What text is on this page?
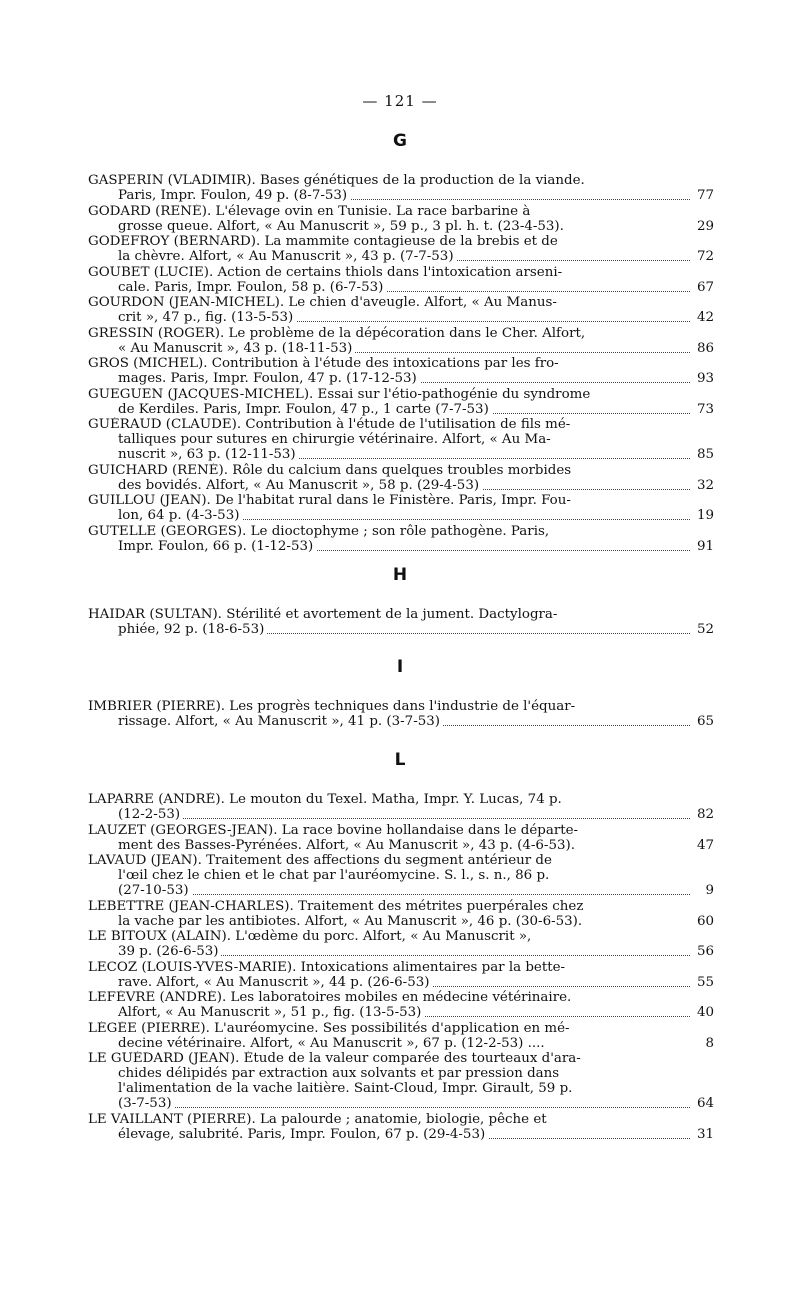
— 121 —
G
GASPERIN (VLADIMIR). Bases génétiques de la production de la viande.
Paris, Impr. Foulon, 49 p. (8-7-53)	77
GODARD (RENÉ). L'élevage ovin en Tunisie. La race barbarine à
grosse queue. Alfort, « Au Manuscrit », 59 p., 3 pl. h. t. (23-4-53).	29
GODEFROY (BERNARD). La mammite contagieuse de la brebis et de
la chèvre. Alfort, « Au Manuscrit », 43 p. (7-7-53)	72
GOUBET (LUCIE). Action de certains thiols dans l'intoxication arseni-
cale. Paris, Impr. Foulon, 58 p. (6-7-53)	67
GOURDON (JEAN-MICHEL). Le chien d'aveugle. Alfort, « Au Manus-
crit », 47 p., fig. (13-5-53)	42
GRESSIN (ROGER). Le problème de la dépécoration dans le Cher. Alfort,
« Au Manuscrit », 43 p. (18-11-53)	86
GROS (MICHEL). Contribution à l'étude des intoxications par les fro-
mages. Paris, Impr. Foulon, 47 p. (17-12-53)	93
GUEGUEN (JACQUES-MICHEL). Essai sur l'étio-pathogénie du syndrome
de Kerdiles. Paris, Impr. Foulon, 47 p., 1 carte (7-7-53)	73
GUÉRAUD (CLAUDE). Contribution à l'étude de l'utilisation de fils mé-
talliques pour sutures en chirurgie vétérinaire. Alfort, « Au Ma-
nuscrit », 63 p. (12-11-53)	85
GUICHARD (RENÉ). Rôle du calcium dans quelques troubles morbides
des bovidés. Alfort, « Au Manuscrit », 58 p. (29-4-53)	32
GUILLOU (JEAN). De l'habitat rural dans le Finistère. Paris, Impr. Fou-
lon, 64 p. (4-3-53)	19
GUTELLE (GEORGES). Le dioctophyme ; son rôle pathogène. Paris,
Impr. Foulon, 66 p. (1-12-53)	91
H
HAIDAR (SULTAN). Stérilité et avortement de la jument. Dactylogra-
phiée, 92 p. (18-6-53)	52
I
IMBRIER (PIERRE). Les progrès techniques dans l'industrie de l'équar-
rissage. Alfort, « Au Manuscrit », 41 p. (3-7-53)	65
L
LAPARRE (ANDRÉ). Le mouton du Texel. Matha, Impr. Y. Lucas, 74 p.
(12-2-53)	82
LAUZET (GEORGES-JEAN). La race bovine hollandaise dans le départe-
ment des Basses-Pyrénées. Alfort, « Au Manuscrit », 43 p. (4-6-53).	47
LAVAUD (JEAN). Traitement des affections du segment antérieur de
l'œil chez le chien et le chat par l'auréomycine. S. l., s. n., 86 p.
(27-10-53)	9
LEBETTRE (JEAN-CHARLES). Traitement des métrites puerpérales chez
la vache par les antibiotes. Alfort, « Au Manuscrit », 46 p. (30-6-53).	60
LE BITOUX (ALAIN). L'œdème du porc. Alfort, « Au Manuscrit »,
39 p. (26-6-53)	56
LECOZ (LOUIS-YVES-MARIE). Intoxications alimentaires par la bette-
rave. Alfort, « Au Manuscrit », 44 p. (26-6-53)	55
LEFÈVRE (ANDRÉ). Les laboratoires mobiles en médecine vétérinaire.
Alfort, « Au Manuscrit », 51 p., fig. (13-5-53)	40
LÉGÉE (PIERRE). L'auréomycine. Ses possibilités d'application en mé-
decine vétérinaire. Alfort, « Au Manuscrit », 67 p. (12-2-53) ....	8
LE GUÉDARD (JEAN). Étude de la valeur comparée des tourteaux d'ara-
chides délipidés par extraction aux solvants et par pression dans
l'alimentation de la vache laitière. Saint-Cloud, Impr. Girault, 59 p.
(3-7-53)	64
LE VAILLANT (PIERRE). La palourde ; anatomie, biologie, pêche et
élevage, salubrité. Paris, Impr. Foulon, 67 p. (29-4-53)	31
